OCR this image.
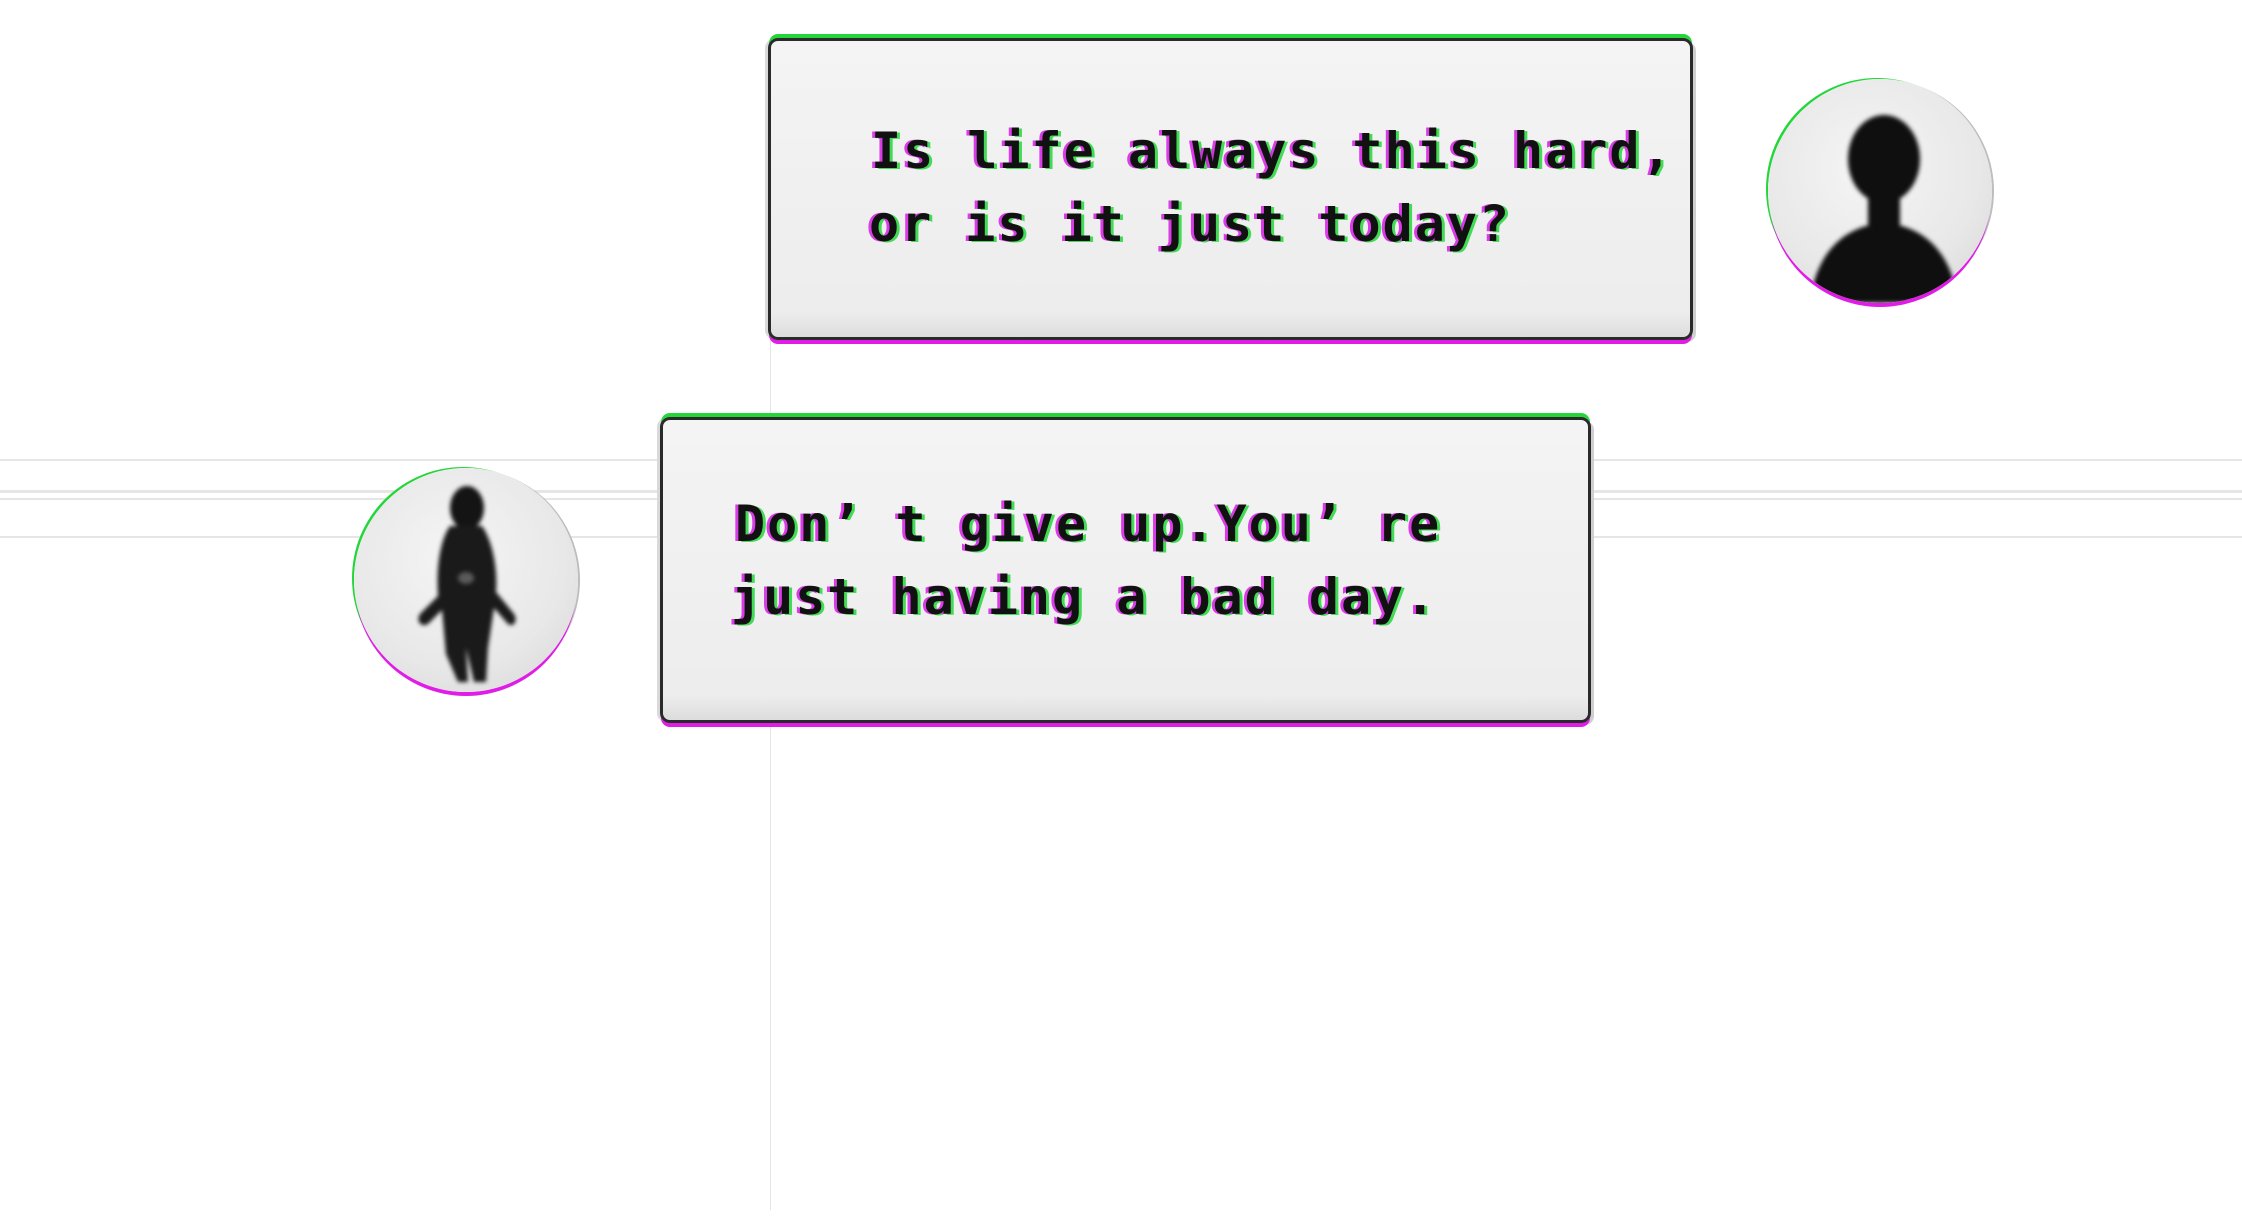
Is life always this hard,

or is it just today?

Don’ t give up.You’ re

just having a bad day.
